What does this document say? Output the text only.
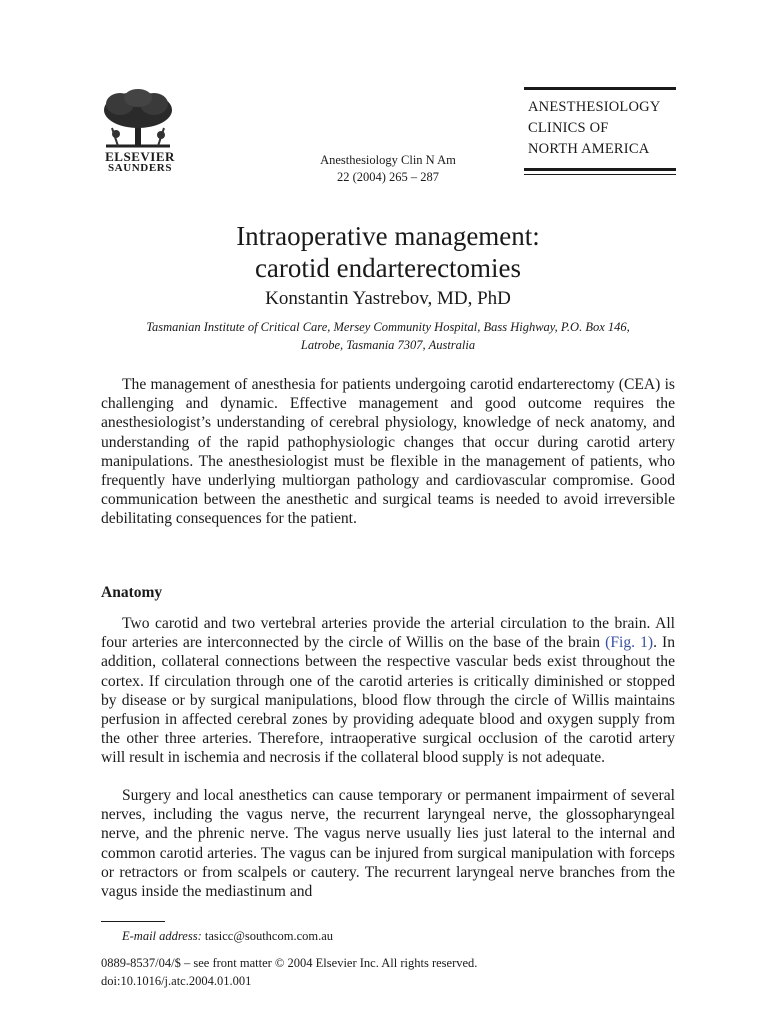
ELSEVIER
SAUNDERS
Anesthesiology Clin N Am
22 (2004) 265 – 287
ANESTHESIOLOGY
CLINICS OF
NORTH AMERICA
Intraoperative management:
carotid endarterectomies
Konstantin Yastrebov, MD, PhD
Tasmanian Institute of Critical Care, Mersey Community Hospital, Bass Highway, P.O. Box 146,
Latrobe, Tasmania 7307, Australia

The management of anesthesia for patients undergoing carotid endarterectomy (CEA) is challenging and dynamic. Effective management and good outcome requires the anesthesiologist’s understanding of cerebral physiology, knowledge of neck anatomy, and understanding of the rapid pathophysiologic changes that occur during carotid artery manipulations. The anesthesiologist must be flexible in the management of patients, who frequently have underlying multiorgan pathology and cardiovascular compromise. Good communication between the anesthetic and surgical teams is needed to avoid irreversible debilitating consequences for the patient.

Anatomy

Two carotid and two vertebral arteries provide the arterial circulation to the brain. All four arteries are interconnected by the circle of Willis on the base of the brain (Fig. 1). In addition, collateral connections between the respective vascular beds exist throughout the cortex. If circulation through one of the carotid arteries is critically diminished or stopped by disease or by surgical manipulations, blood flow through the circle of Willis maintains perfusion in affected cerebral zones by providing adequate blood and oxygen supply from the other three arteries. Therefore, intraoperative surgical occlusion of the carotid artery will result in ischemia and necrosis if the collateral blood supply is not adequate.

Surgery and local anesthetics can cause temporary or permanent impairment of several nerves, including the vagus nerve, the recurrent laryngeal nerve, the glossopharyngeal nerve, and the phrenic nerve. The vagus nerve usually lies just lateral to the internal and common carotid arteries. The vagus can be injured from surgical manipulation with forceps or retractors or from scalpels or cautery. The recurrent laryngeal nerve branches from the vagus inside the mediastinum and

E-mail address: tasicc@southcom.com.au
0889-8537/04/$ – see front matter © 2004 Elsevier Inc. All rights reserved.
doi:10.1016/j.atc.2004.01.001
